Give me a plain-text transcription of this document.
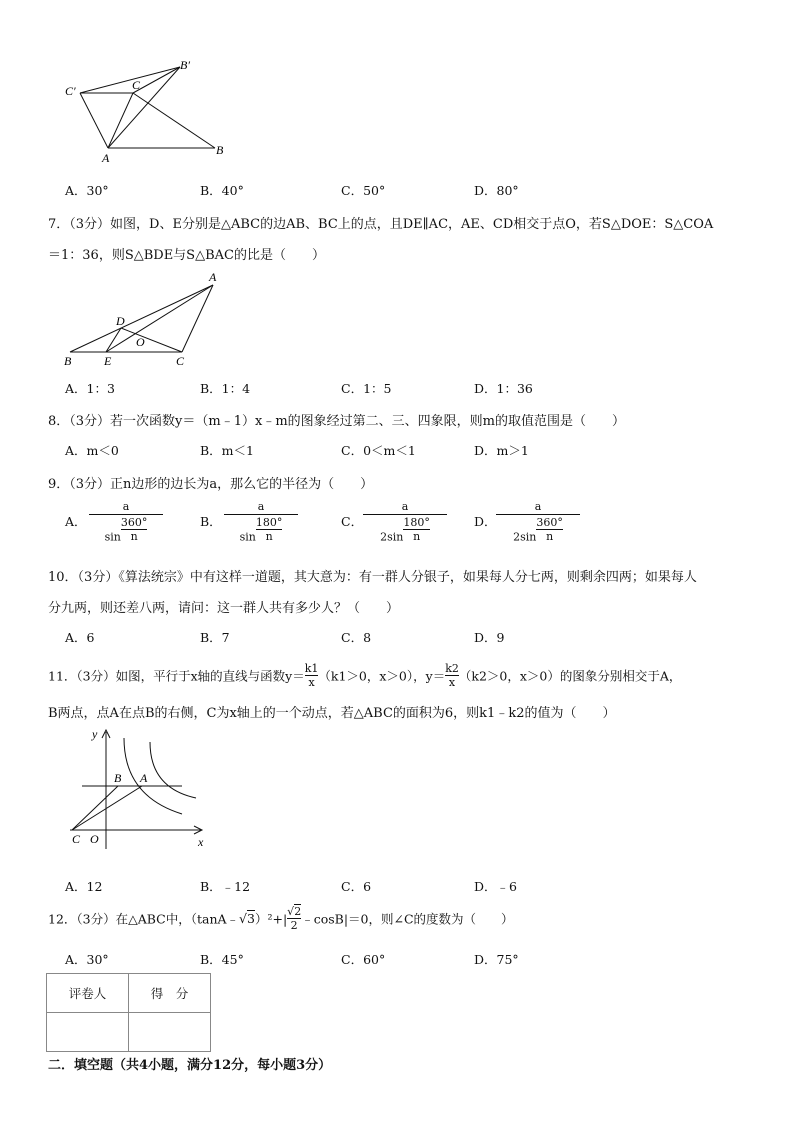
C′
B′
C
A
B
A．30°	B．40°	C．50°	D．80°
7．（3分）如图，D、E分别是△ABC的边AB、BC上的点，且DE∥AC，AE、CD相交于点O，若S△DOE：S△COA
＝1：36，则S△BDE与S△BAC的比是（　　）
A
D
O
B	E	C
A．1：3	B．1：4	C．1：5	D．1：36
8．（3分）若一次函数y＝（m﹣1）x﹣m的图象经过第二、三、四象限，则m的取值范围是（　　）
A．m＜0	B．m＜1	C．0＜m＜1	D．m＞1
9．（3分）正n边形的边长为a，那么它的半径为（　　）
A．
a
$\sin \frac{360^\circ}{n}$	B．
a
$\sin \frac{180^\circ}{n}$	C．
a
$2\sin \frac{180^\circ}{n}$	D．
a
$2\sin \frac{360^\circ}{n}$
10．（3分）《算法统宗》中有这样一道题，其大意为：有一群人分银子，如果每人分七两，则剩余四两；如果每人
分九两，则还差八两，请问：这一群人共有多少人？（　　）
A．6	B．7	C．8	D．9
11．（3分）如图，平行于x轴的直线与函数$y= \frac{k1}{x} (k1>0$，x＞0），$y= \frac{k2}{x} (k2>0$，x＞0）的图象分别相交于A，
B两点，点A在点B的右侧，C为x轴上的一个动点，若△ABC的面积为6，则k1﹣k2的值为（　　）
y
x
B A
C O
A．12	B．﹣12	C．6	D．﹣6
12．（3分）在△ABC中，（tanA﹣√3）²+| $\frac{√2}{2}$ ﹣cosB|＝0，则∠C的度数为（　　）
A．30°	B．45°	C．60°	D．75°
评卷人	得　分

二．填空题（共4小题，满分12分，每小题3分）
